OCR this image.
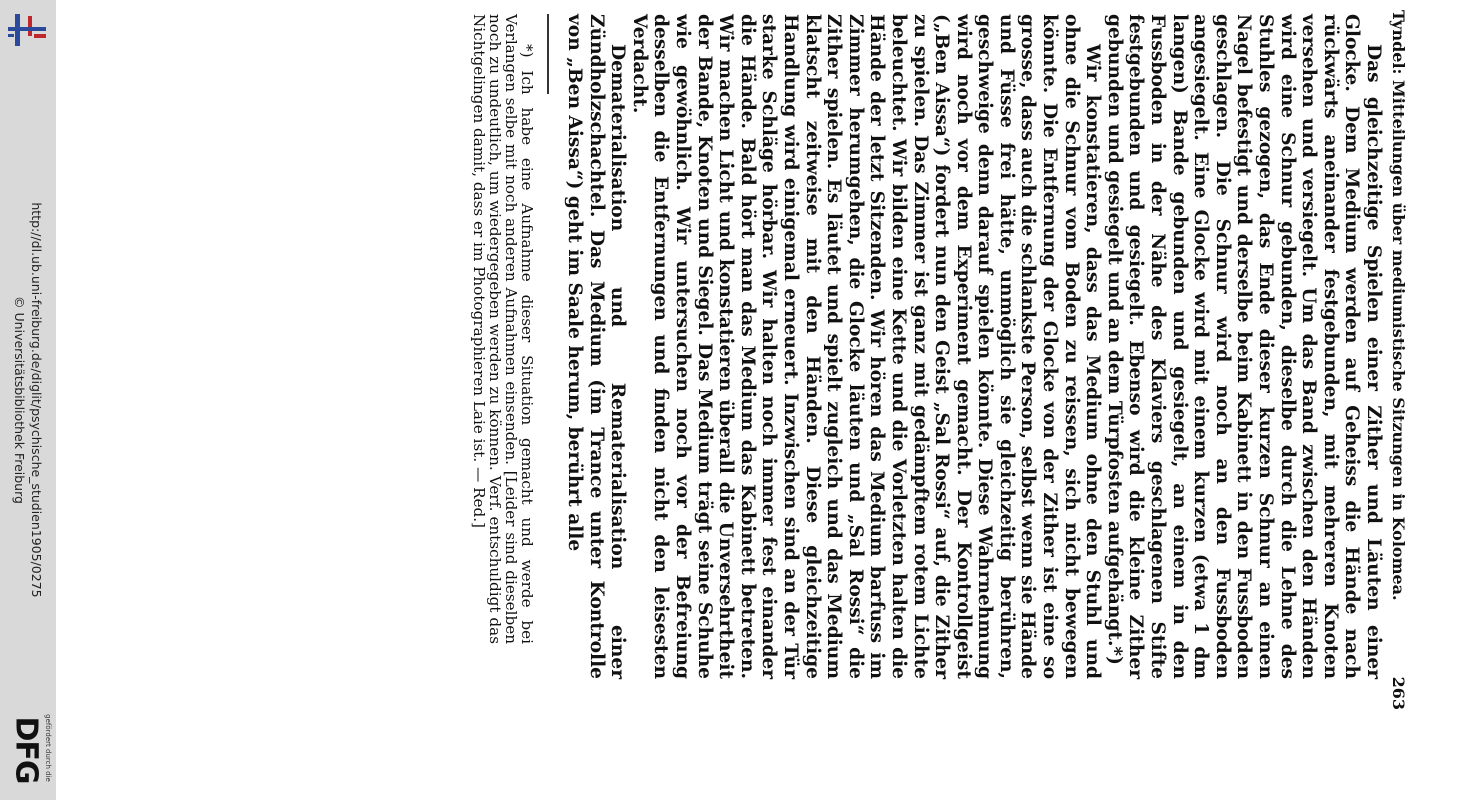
http://dl.ub.uni-freiburg.de/diglit/psychische_studien1905/0275
© Universitätsbibliothek Freiburg
DFG gefördert durch die
Tyndel: Mitteilungen über mediumistische Sitzungen in Kolomea.
263

Das gleichzeitige Spielen einer Zither und Läuten einer Glocke. Dem Medium werden auf Geheiss die Hände nach rückwärts aneinander festgebunden, mit mehreren Knoten versehen und versiegelt. Um das Band zwischen den Händen wird eine Schnur gebunden, dieselbe durch die Lehne des Stuhles gezogen, das Ende dieser kurzen Schnur an einen Nagel befestigt und derselbe beim Kabinett in den Fussboden geschlagen. Die Schnur wird noch an den Fussboden angesiegelt. Eine Glocke wird mit einem kurzen (etwa 1 dm langen) Bande gebunden und gesiegelt, an einem in den Fussboden in der Nähe des Klaviers geschlagenen Stifte festgebunden und gesiegelt. Ebenso wird die kleine Zither gebunden und gesiegelt und an dem Türpfosten aufgehängt.*)

Wir konstatieren, dass das Medium ohne den Stuhl und ohne die Schnur vom Boden zu reissen, sich nicht bewegen könnte. Die Entfernung der Glocke von der Zither ist eine so grosse, dass auch die schlankste Person, selbst wenn sie Hände und Füsse frei hätte, unmöglich sie gleichzeitig berühren, geschweige denn darauf spielen könnte. Diese Wahrnehmung wird noch vor dem Experiment gemacht. Der Kontrollgeist („Ben Aissa“) fordert nun den Geist „Sal Rossi“ auf, die Zither zu spielen. Das Zimmer ist ganz mit gedämpftem rotem Lichte beleuchtet. Wir bilden eine Kette und die Vorletzten halten die Hände der letzt Sitzenden. Wir hören das Medium barfuss im Zimmer herumgehen, die Glocke läuten und „Sal Rossi“ die Zither spielen. Es läutet und spielt zugleich und das Medium klatscht zeitweise mit den Händen. Diese gleichzeitige Handlung wird einigemal erneuert. Inzwischen sind an der Tür starke Schläge hörbar. Wir halten noch immer fest einander die Hände. Bald hört man das Medium das Kabinett betreten. Wir machen Licht und konstatieren überall die Unversehrtheit der Bande, Knoten und Siegel. Das Medium trägt seine Schuhe wie gewöhnlich. Wir untersuchen noch vor der Befreiung desselben die Entfernungen und finden nicht den leisesten Verdacht.

Dematerialisation und Rematerialisation einer Zündholzschachtel. Das Medium (im Trance unter Kontrolle von „Ben Aissa“) geht im Saale herum, berührt alle

*) Ich habe eine Aufnahme dieser Situation gemacht und werde bei Verlangen selbe mit noch anderen Aufnahmen einsenden. [Leider sind dieselben noch zu undeutlich, um wiedergegeben werden zu können. Verf. entschuldigt das Nichtgelingen damit, dass er im Photographieren Laie ist. — Red.]
